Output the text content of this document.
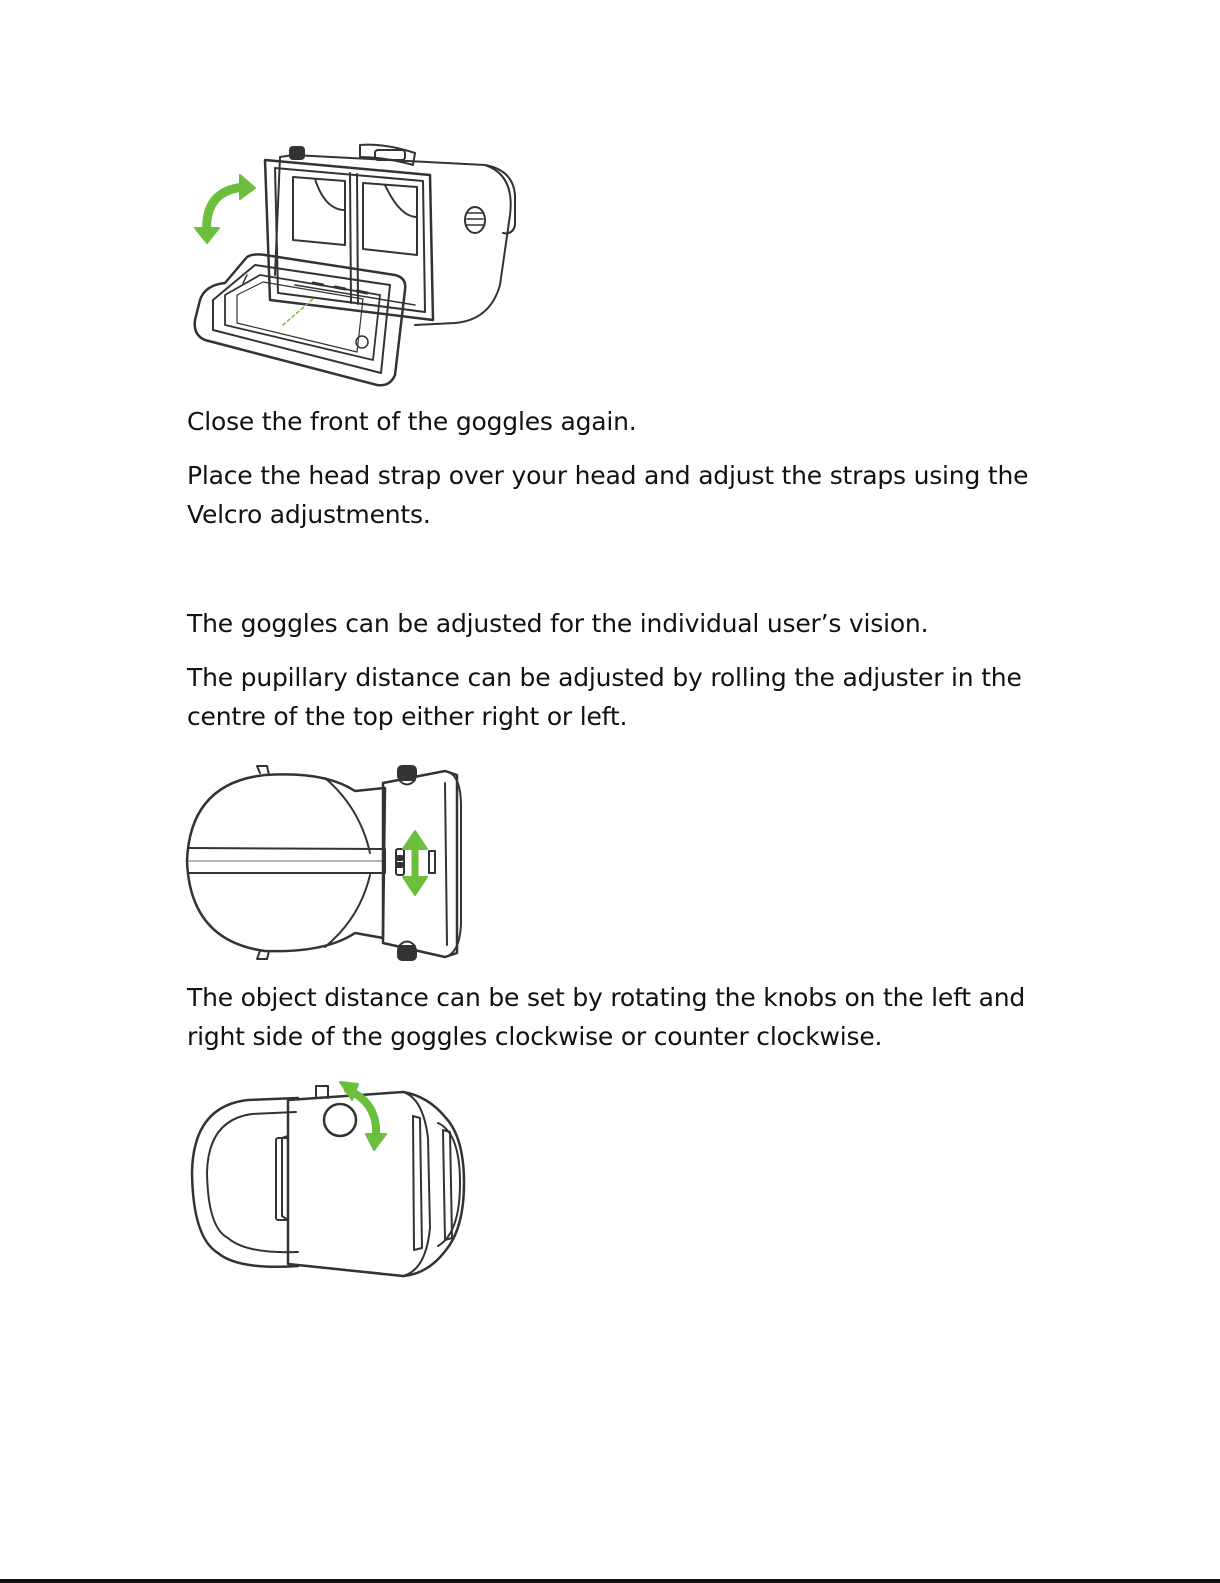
Close the front of the goggles again.

Place the head strap over your head and adjust the straps using the
Velcro adjustments.

The goggles can be adjusted for the individual user’s vision.

The pupillary distance can be adjusted by rolling the adjuster in the
centre of the top either right or left.

The object distance can be set by rotating the knobs on the left and
right side of the goggles clockwise or counter clockwise.
